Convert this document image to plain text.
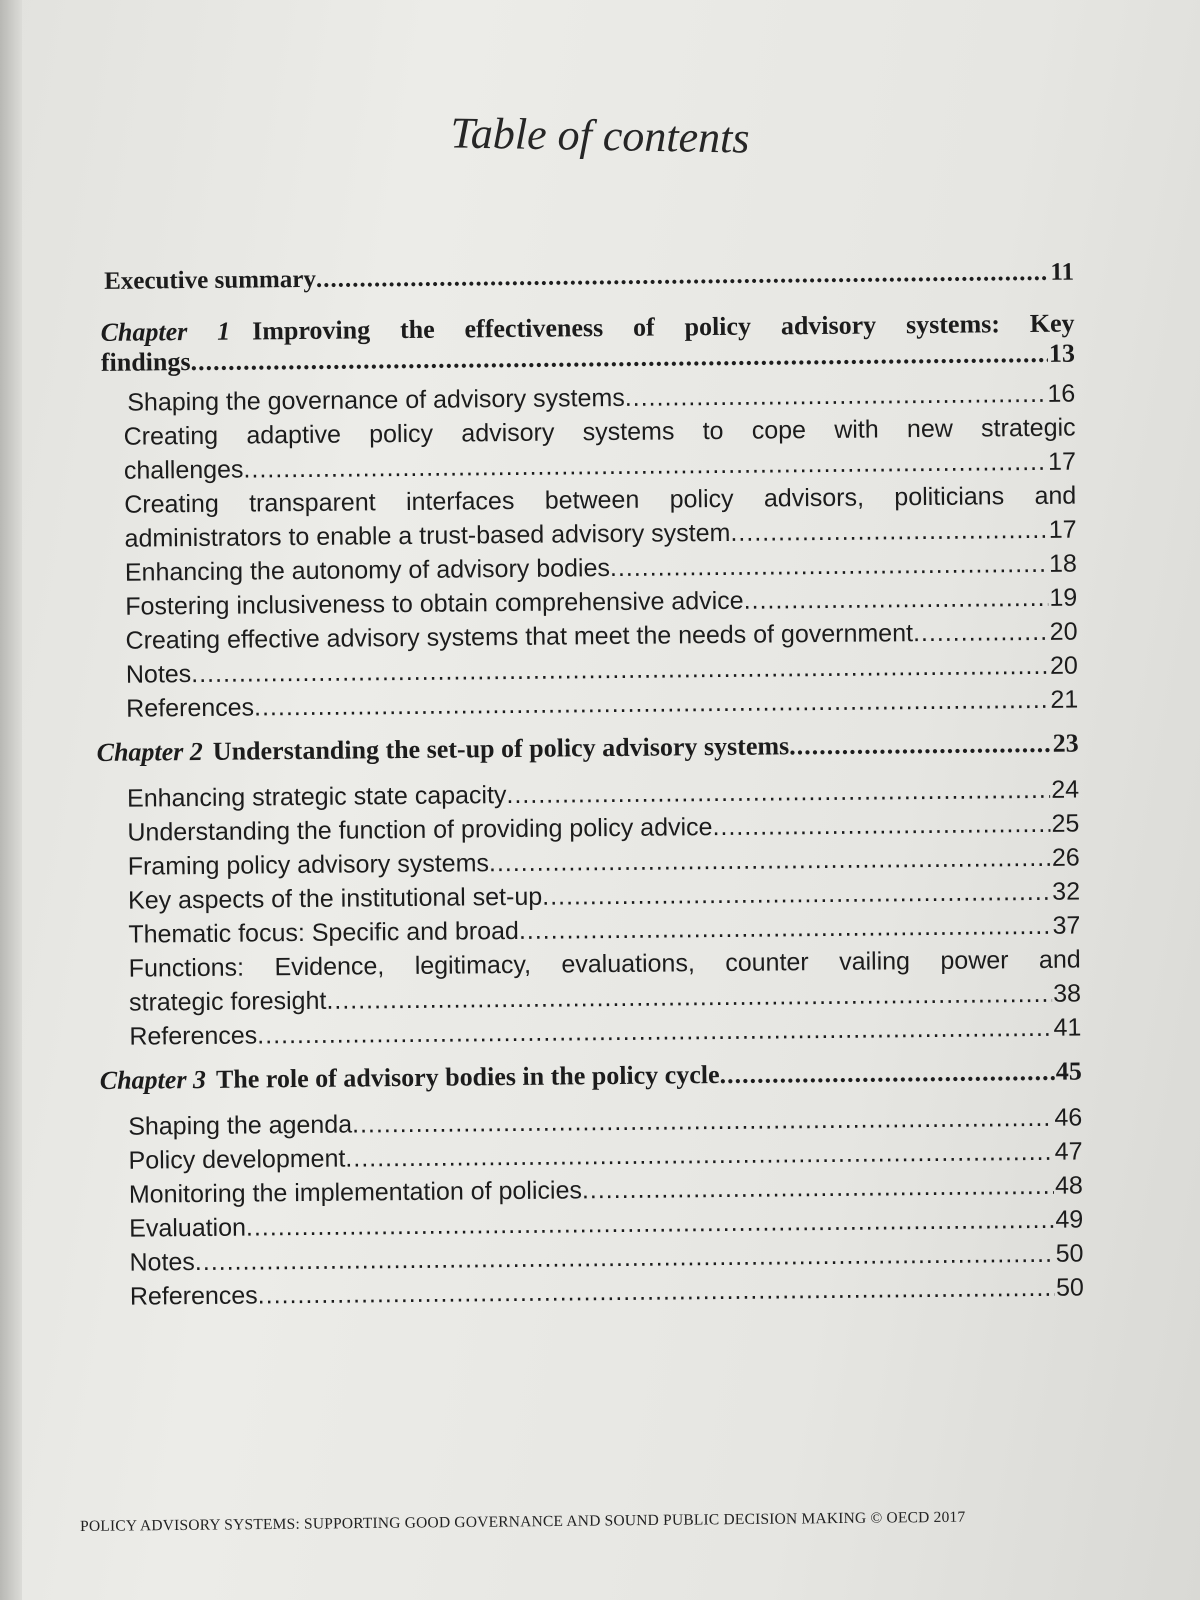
Table of contents
Executive summary .....	11
Chapter 1 Improving the effectiveness of policy advisory systems: Key
findings .....	13
Shaping the governance of advisory systems .....	16
Creating adaptive policy advisory systems to cope with new strategic
challenges .....	17
Creating transparent interfaces between policy advisors, politicians and
administrators to enable a trust-based advisory system .....	17
Enhancing the autonomy of advisory bodies .....	18
Fostering inclusiveness to obtain comprehensive advice .....	19
Creating effective advisory systems that meet the needs of government .....	20
Notes .....	20
References .....	21
Chapter 2 Understanding the set-up of policy advisory systems .....	23
Enhancing strategic state capacity .....	24
Understanding the function of providing policy advice .....	25
Framing policy advisory systems .....	26
Key aspects of the institutional set-up .....	32
Thematic focus: Specific and broad .....	37
Functions: Evidence, legitimacy, evaluations, counter vailing power and
strategic foresight .....	38
References .....	41
Chapter 3 The role of advisory bodies in the policy cycle .....	45
Shaping the agenda .....	46
Policy development .....	47
Monitoring the implementation of policies .....	48
Evaluation .....	49
Notes .....	50
References .....	50
POLICY ADVISORY SYSTEMS: SUPPORTING GOOD GOVERNANCE AND SOUND PUBLIC DECISION MAKING © OECD 2017
